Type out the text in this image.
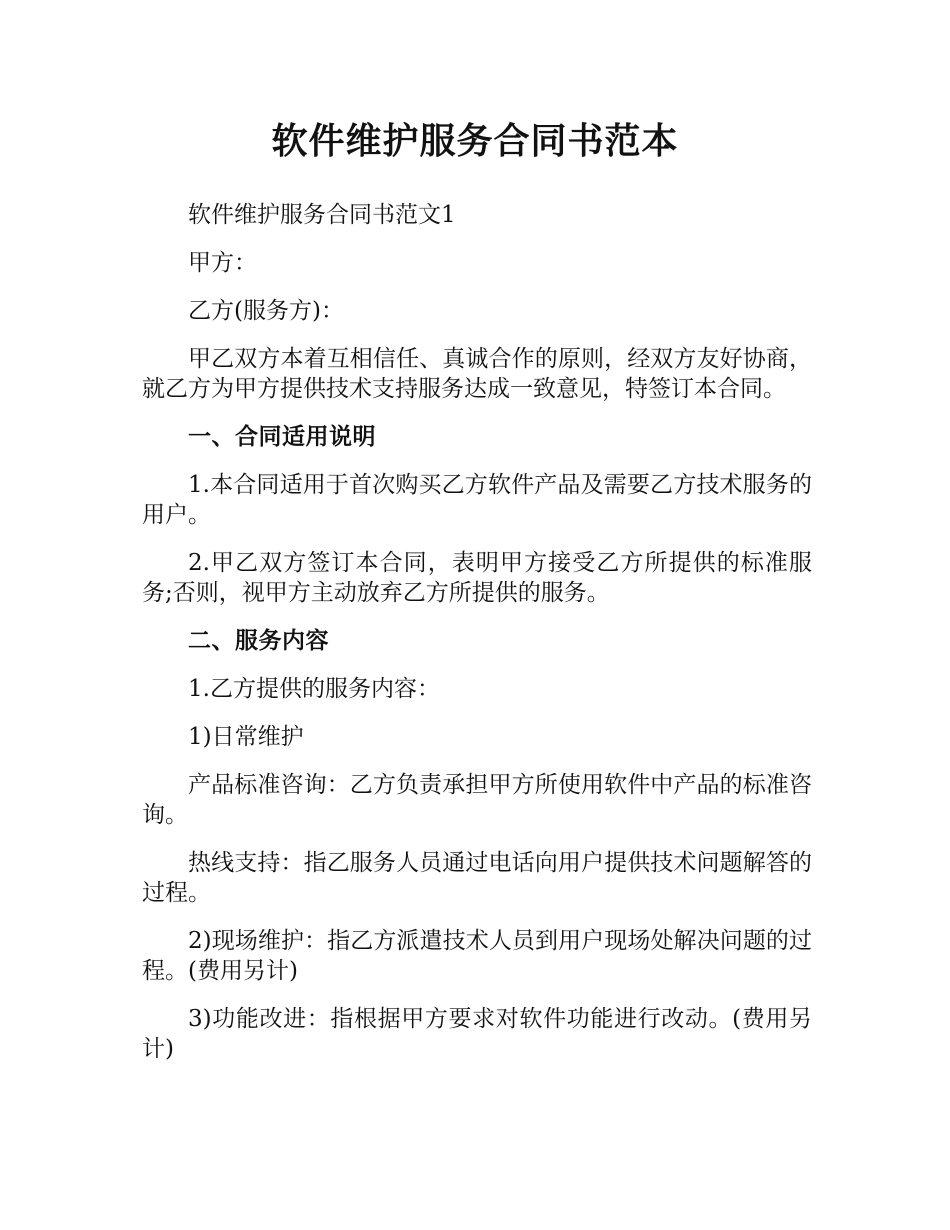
软件维护服务合同书范本

软件维护服务合同书范文1

甲方：

乙方(服务方)：

甲乙双方本着互相信任、真诚合作的原则，经双方友好协商，就乙方为甲方提供技术支持服务达成一致意见，特签订本合同。

一、合同适用说明

1.本合同适用于首次购买乙方软件产品及需要乙方技术服务的用户。

2.甲乙双方签订本合同，表明甲方接受乙方所提供的标准服务;否则，视甲方主动放弃乙方所提供的服务。

二、服务内容

1.乙方提供的服务内容：

1)日常维护

产品标准咨询：乙方负责承担甲方所使用软件中产品的标准咨询。

热线支持：指乙服务人员通过电话向用户提供技术问题解答的过程。

2)现场维护：指乙方派遣技术人员到用户现场处解决问题的过程。(费用另计)

3)功能改进：指根据甲方要求对软件功能进行改动。(费用另计)
